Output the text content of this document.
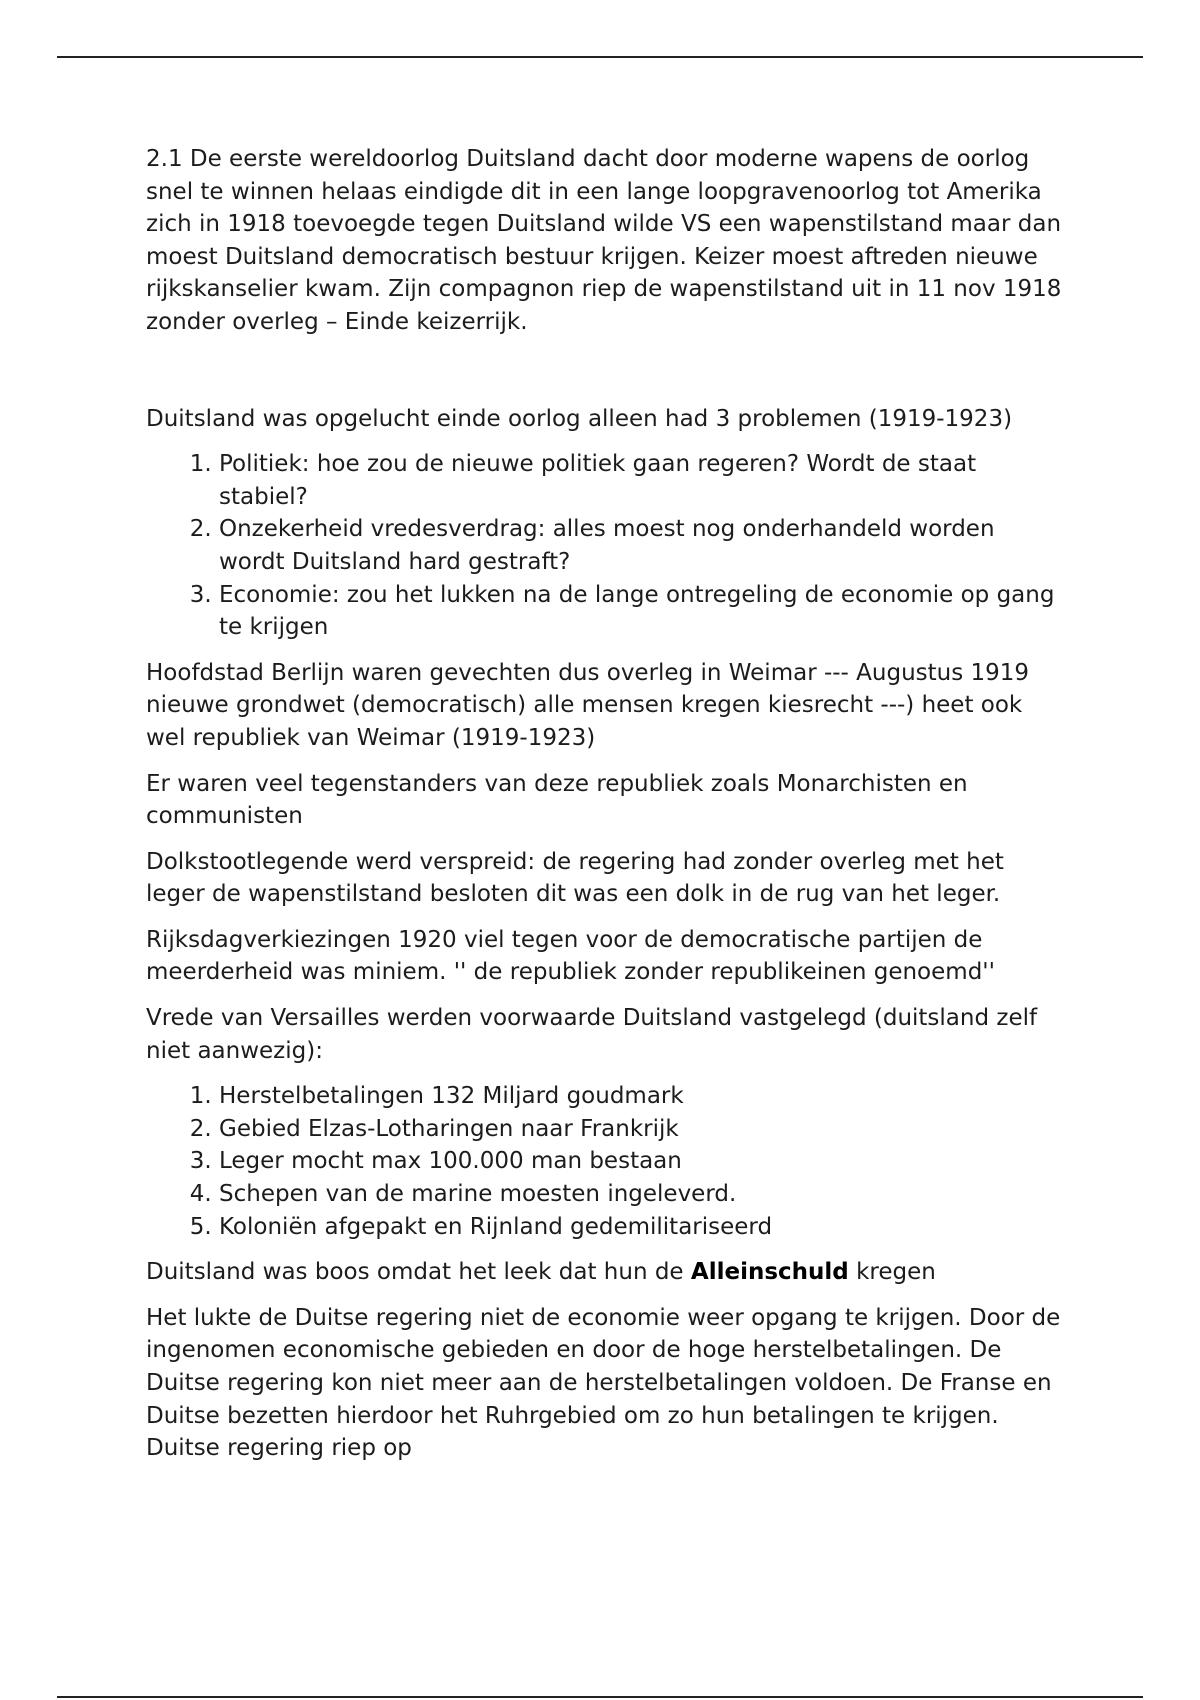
2.1 De eerste wereldoorlog Duitsland dacht door moderne wapens de oorlog snel te winnen helaas eindigde dit in een lange loopgravenoorlog tot Amerika zich in 1918 toevoegde tegen Duitsland wilde VS een wapenstilstand maar dan moest Duitsland democratisch bestuur krijgen. Keizer moest aftreden nieuwe rijkskanselier kwam. Zijn compagnon riep de wapenstilstand uit in 11 nov 1918 zonder overleg – Einde keizerrijk.

Duitsland was opgelucht einde oorlog alleen had 3 problemen (1919-1923)

1. Politiek: hoe zou de nieuwe politiek gaan regeren? Wordt de staat stabiel?
2. Onzekerheid vredesverdrag: alles moest nog onderhandeld worden wordt Duitsland hard gestraft?
3. Economie: zou het lukken na de lange ontregeling de economie op gang te krijgen

Hoofdstad Berlijn waren gevechten dus overleg in Weimar --- Augustus 1919 nieuwe grondwet (democratisch) alle mensen kregen kiesrecht ---) heet ook wel republiek van Weimar (1919-1923)

Er waren veel tegenstanders van deze republiek zoals Monarchisten en communisten

Dolkstootlegende werd verspreid: de regering had zonder overleg met het leger de wapenstilstand besloten dit was een dolk in de rug van het leger.

Rijksdagverkiezingen 1920 viel tegen voor de democratische partijen de meerderheid was miniem. '' de republiek zonder republikeinen genoemd''

Vrede van Versailles werden voorwaarde Duitsland vastgelegd (duitsland zelf niet aanwezig):

1. Herstelbetalingen 132 Miljard goudmark
2. Gebied Elzas-Lotharingen naar Frankrijk
3. Leger mocht max 100.000 man bestaan
4. Schepen van de marine moesten ingeleverd.
5. Koloniën afgepakt en Rijnland gedemilitariseerd

Duitsland was boos omdat het leek dat hun de Alleinschuld kregen

Het lukte de Duitse regering niet de economie weer opgang te krijgen. Door de ingenomen economische gebieden en door de hoge herstelbetalingen. De Duitse regering kon niet meer aan de herstelbetalingen voldoen. De Franse en Duitse bezetten hierdoor het Ruhrgebied om zo hun betalingen te krijgen. Duitse regering riep op
